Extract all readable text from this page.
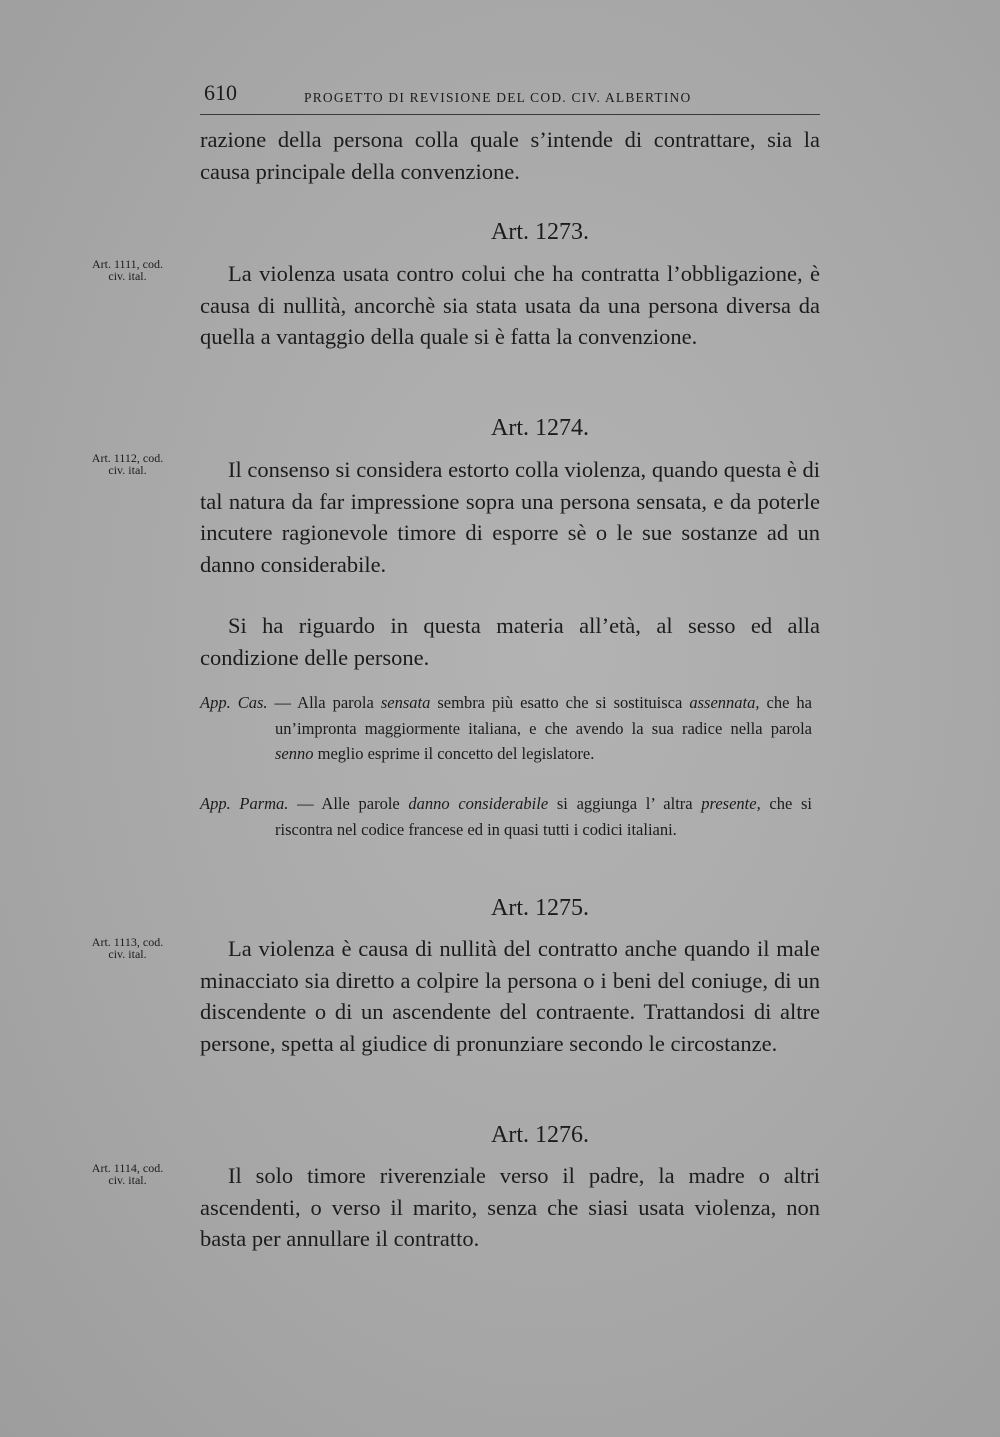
610	PROGETTO DI REVISIONE DEL COD. CIV. ALBERTINO

razione della persona colla quale s’intende di contrattare, sia la causa principale della convenzione.

Art. 1273.
Art. 1111, cod.
civ. ital.	La violenza usata contro colui che ha contratta l’obbligazione, è causa di nullità, ancorchè sia stata usata da una persona diversa da quella a vantaggio della quale si è fatta la convenzione.

Art. 1274.
Art. 1112, cod.
civ. ital.	Il consenso si considera estorto colla violenza, quando questa è di tal natura da far impressione sopra una persona sensata, e da poterle incutere ragionevole timore di esporre sè o le sue sostanze ad un danno considerabile.

Si ha riguardo in questa materia all’età, al sesso ed alla condizione delle persone.

App. Cas. — Alla parola sensata sembra più esatto che si sostituisca assennata, che ha un’impronta maggiormente italiana, e che avendo la sua radice nella parola senno meglio esprime il concetto del legislatore.

App. Parma. — Alle parole danno considerabile si aggiunga l’ altra presente, che si riscontra nel codice francese ed in quasi tutti i codici italiani.

Art. 1275.
Art. 1113, cod.
civ. ital.	La violenza è causa di nullità del contratto anche quando il male minacciato sia diretto a colpire la persona o i beni del coniuge, di un discendente o di un ascendente del contraente. Trattandosi di altre persone, spetta al giudice di pronunziare secondo le circostanze.

Art. 1276.
Art. 1114, cod.
civ. ital.	Il solo timore riverenziale verso il padre, la madre o altri ascendenti, o verso il marito, senza che siasi usata violenza, non basta per annullare il contratto.
